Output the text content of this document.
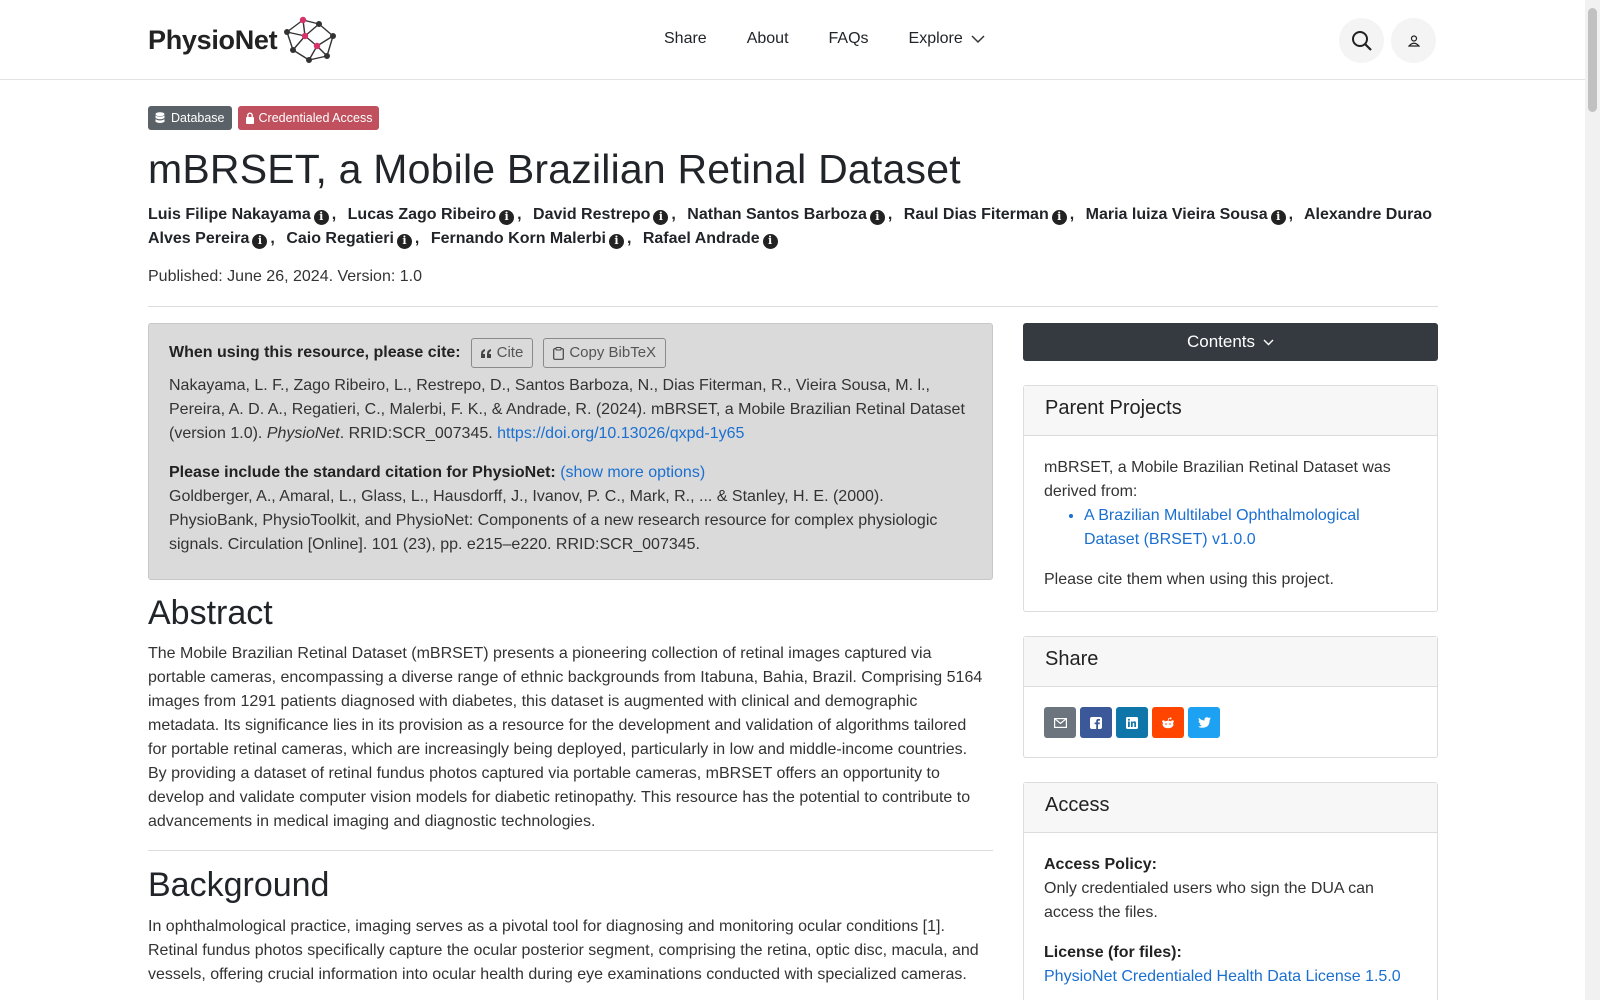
PhysioNet	Share	About	FAQs	Explore
Database	Credentialed Access
mBRSET, a Mobile Brazilian Retinal Dataset
Luis Filipe Nakayama i , Lucas Zago Ribeiro i , David Restrepo i , Nathan Santos Barboza i , Raul Dias Fiterman i , Maria luiza Vieira Sousa i , Alexandre Durao Alves Pereira i , Caio Regatieri i , Fernando Korn Malerbi i , Rafael Andrade i
Published: June 26, 2024. Version: 1.0
When using this resource, please cite: Cite	Copy BibTeX
Nakayama, L. F., Zago Ribeiro, L., Restrepo, D., Santos Barboza, N., Dias Fiterman, R., Vieira Sousa, M. l., Pereira, A. D. A., Regatieri, C., Malerbi, F. K., & Andrade, R. (2024). mBRSET, a Mobile Brazilian Retinal Dataset (version 1.0). PhysioNet. RRID:SCR_007345. https://doi.org/10.13026/qxpd-1y65
Please include the standard citation for PhysioNet: (show more options)
Goldberger, A., Amaral, L., Glass, L., Hausdorff, J., Ivanov, P. C., Mark, R., ... & Stanley, H. E. (2000). PhysioBank, PhysioToolkit, and PhysioNet: Components of a new research resource for complex physiologic signals. Circulation [Online]. 101 (23), pp. e215–e220. RRID:SCR_007345.
Abstract

The Mobile Brazilian Retinal Dataset (mBRSET) presents a pioneering collection of retinal images captured via portable cameras, encompassing a diverse range of ethnic backgrounds from Itabuna, Bahia, Brazil. Comprising 5164 images from 1291 patients diagnosed with diabetes, this dataset is augmented with clinical and demographic metadata. Its significance lies in its provision as a resource for the development and validation of algorithms tailored for portable retinal cameras, which are increasingly being deployed, particularly in low and middle-income countries. By providing a dataset of retinal fundus photos captured via portable cameras, mBRSET offers an opportunity to develop and validate computer vision models for diabetic retinopathy. This resource has the potential to contribute to advancements in medical imaging and diagnostic technologies.

Background

In ophthalmological practice, imaging serves as a pivotal tool for diagnosing and monitoring ocular conditions [1]. Retinal fundus photos specifically capture the ocular posterior segment, comprising the retina, optic disc, macula, and vessels, offering crucial information into ocular health during eye examinations conducted with specialized cameras.

Contents
Parent Projects
mBRSET, a Mobile Brazilian Retinal Dataset was derived from:
• A Brazilian Multilabel Ophthalmological Dataset (BRSET) v1.0.0
Please cite them when using this project.
Share
Access
Access Policy:
Only credentialed users who sign the DUA can access the files.
License (for files):
PhysioNet Credentialed Health Data License 1.5.0
